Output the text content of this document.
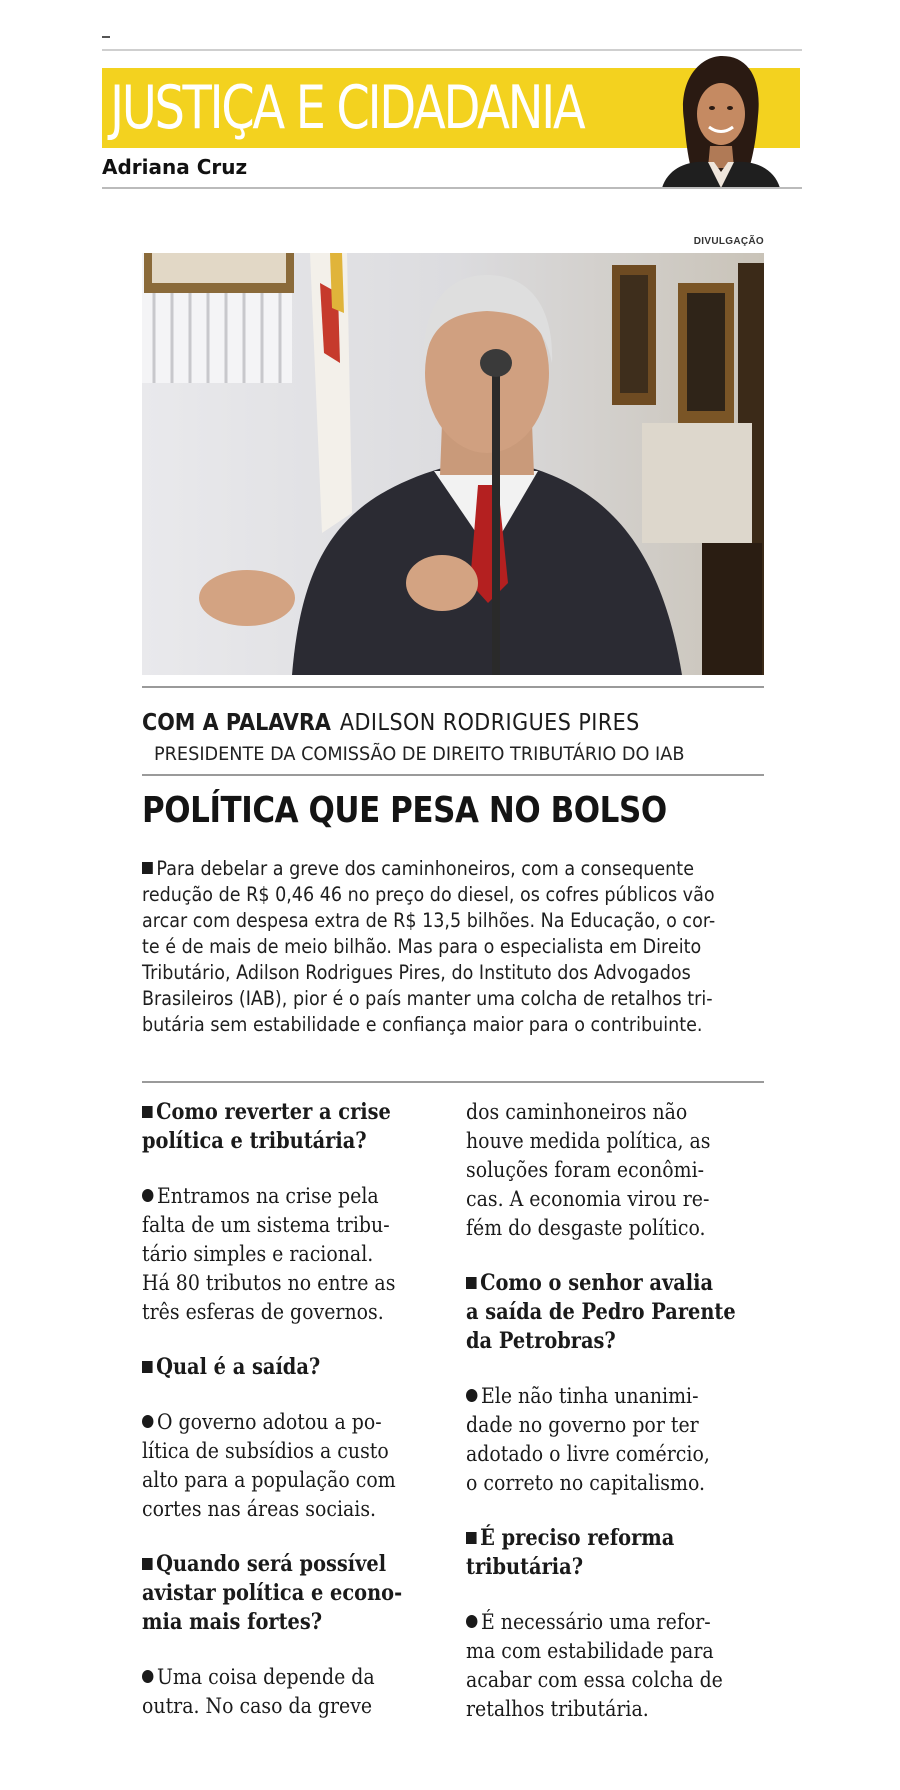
JUSTIÇA E CIDADANIA
Adriana Cruz
DIVULGAÇÃO
COM A PALAVRA ADILSON RODRIGUES PIRES
PRESIDENTE DA COMISSÃO DE DIREITO TRIBUTÁRIO DO IAB
POLÍTICA QUE PESA NO BOLSO
Para debelar a greve dos caminhoneiros, com a consequente
redução de R$ 0,46 46 no preço do diesel, os cofres públicos vão
arcar com despesa extra de R$ 13,5 bilhões. Na Educação, o cor-
te é de mais de meio bilhão. Mas para o especialista em Direito
Tributário, Adilson Rodrigues Pires, do Instituto dos Advogados
Brasileiros (IAB), pior é o país manter uma colcha de retalhos tri-
butária sem estabilidade e confiança maior para o contribuinte.
Como reverter a crise
política e tributária?
Entramos na crise pela
falta de um sistema tribu-
tário simples e racional.
Há 80 tributos no entre as
três esferas de governos.
Qual é a saída?
O governo adotou a po-
lítica de subsídios a custo
alto para a população com
cortes nas áreas sociais.
Quando será possível
avistar política e econo-
mia mais fortes?
Uma coisa depende da
outra. No caso da greve
dos caminhoneiros não
houve medida política, as
soluções foram econômi-
cas. A economia virou re-
fém do desgaste político.
Como o senhor avalia
a saída de Pedro Parente
da Petrobras?
Ele não tinha unanimi-
dade no governo por ter
adotado o livre comércio,
o correto no capitalismo.
É preciso reforma
tributária?
É necessário uma refor-
ma com estabilidade para
acabar com essa colcha de
retalhos tributária.
